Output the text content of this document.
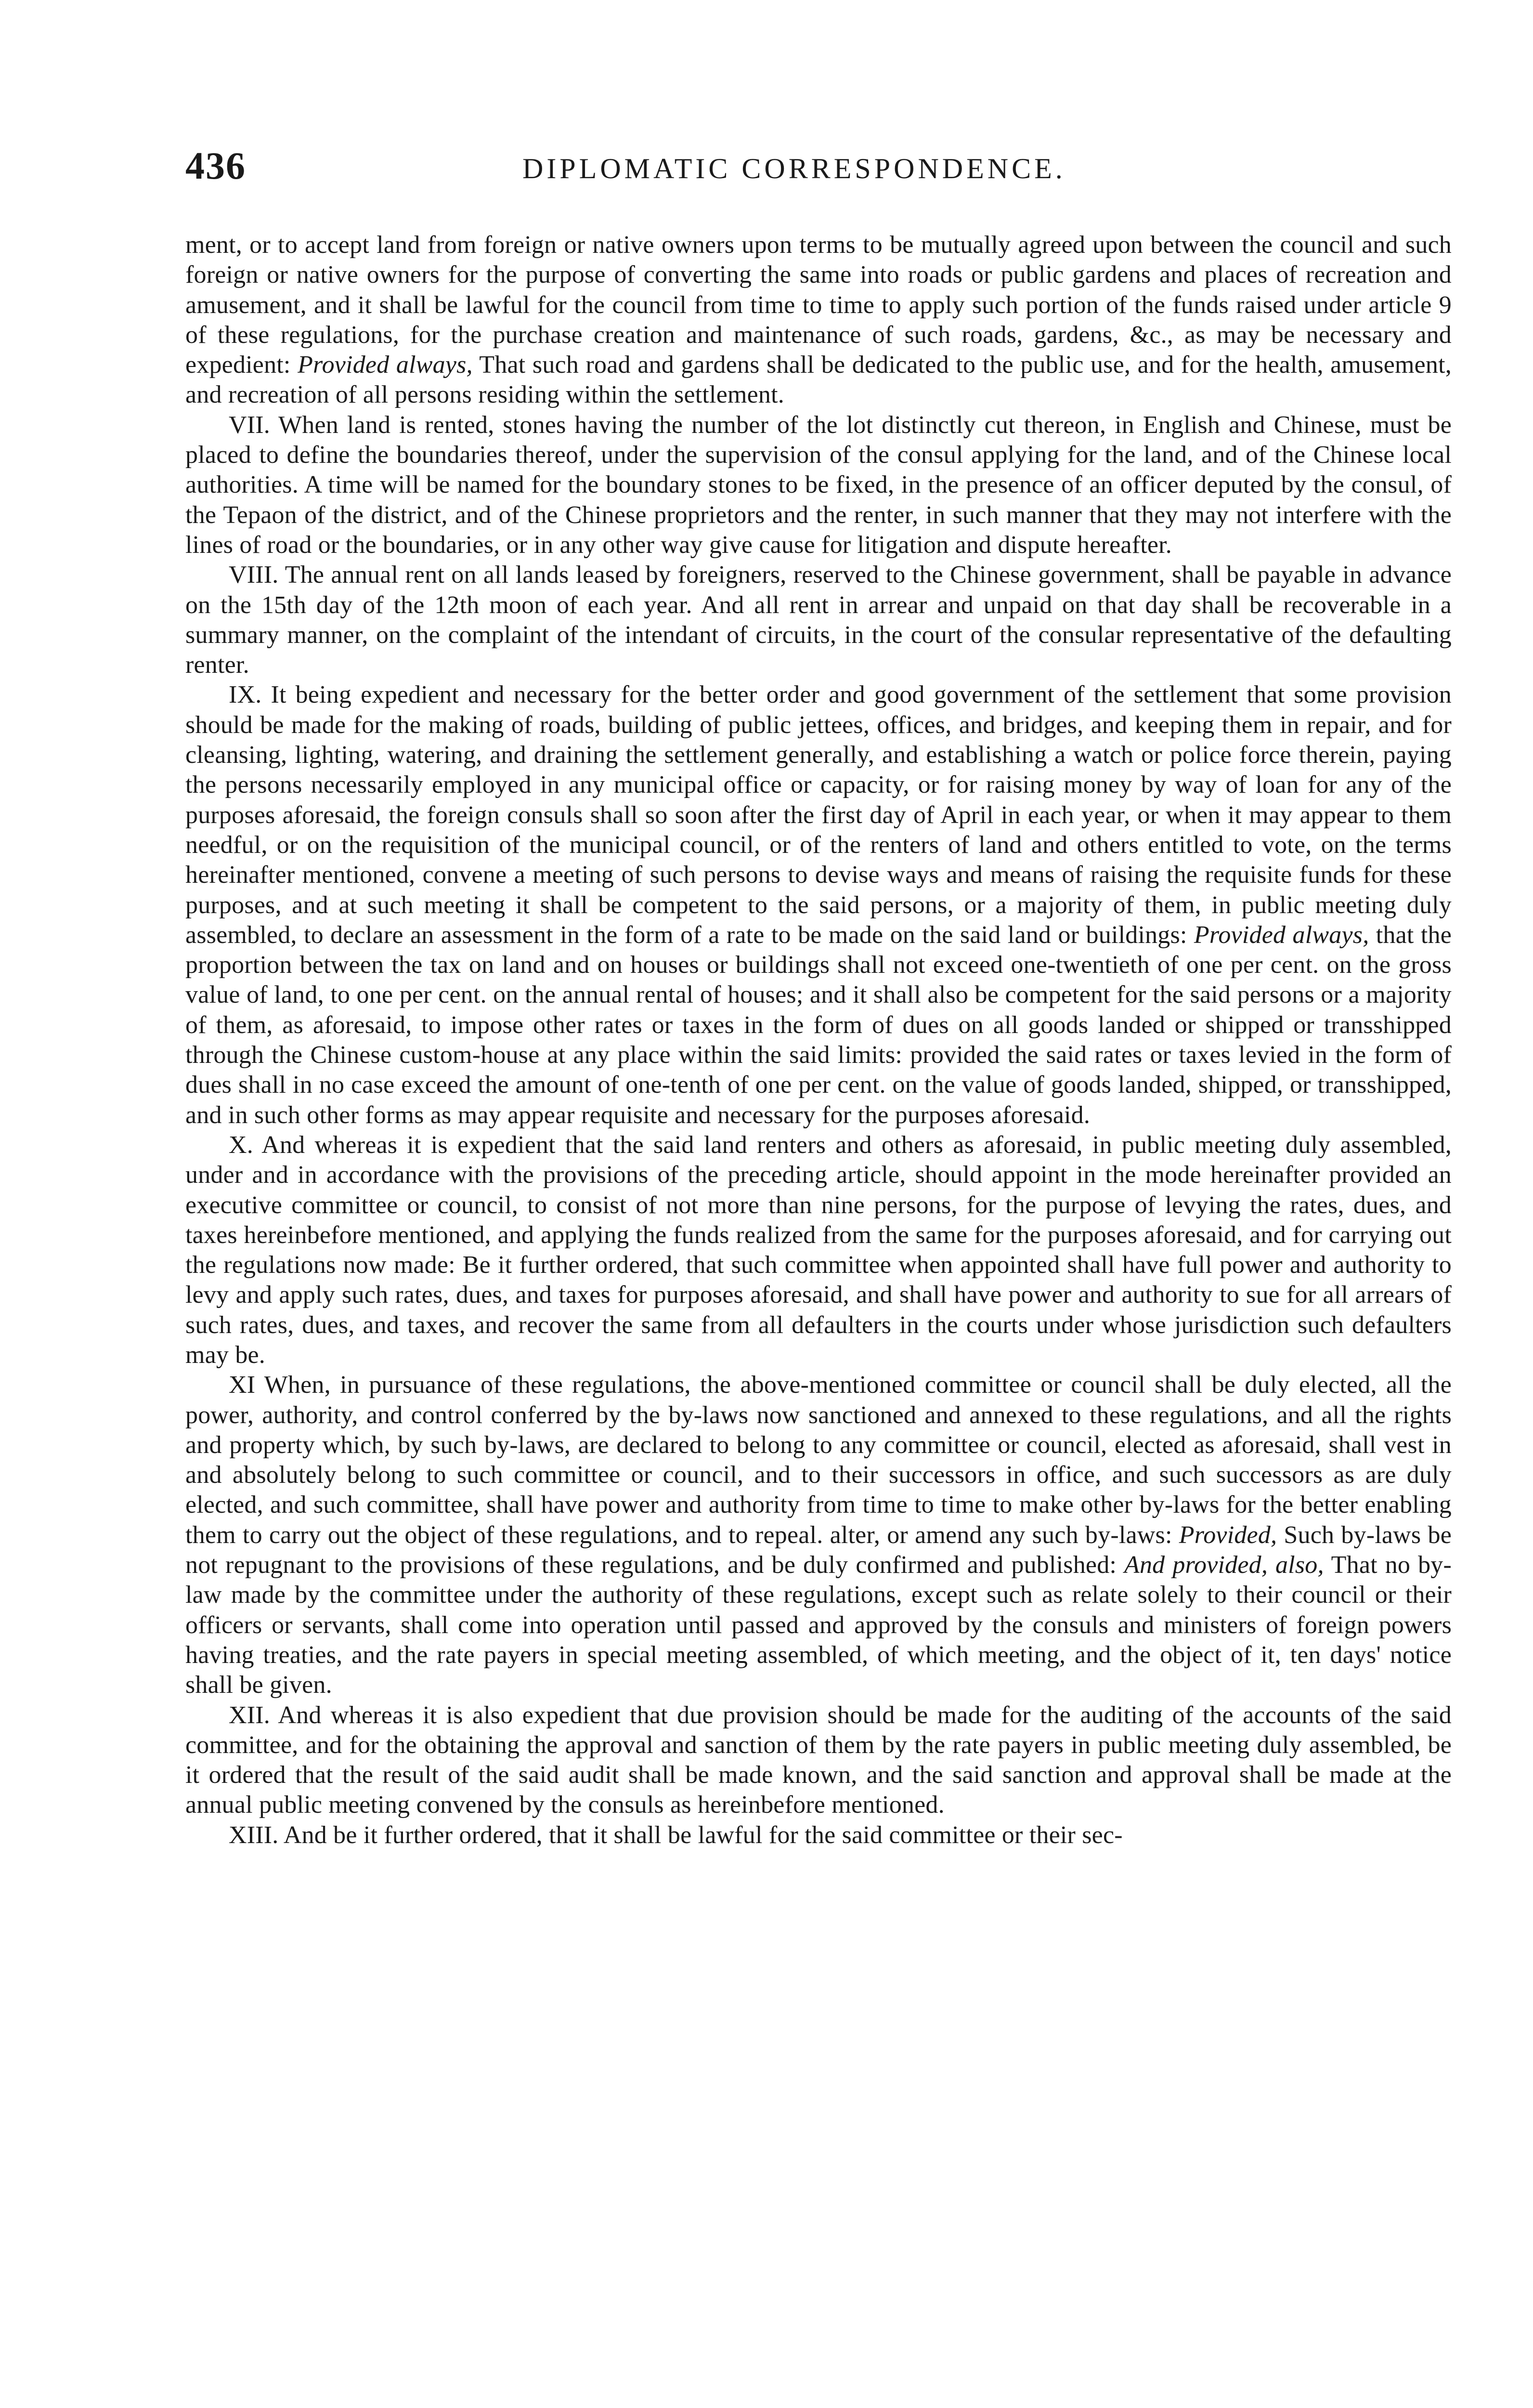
436	DIPLOMATIC CORRESPONDENCE.

ment, or to accept land from foreign or native owners upon terms to be mutually agreed upon between the council and such foreign or native owners for the purpose of converting the same into roads or public gardens and places of recreation and amusement, and it shall be lawful for the council from time to time to apply such portion of the funds raised under article 9 of these regulations, for the purchase creation and maintenance of such roads, gardens, &c., as may be necessary and expedient: Provided always, That such road and gardens shall be dedicated to the public use, and for the health, amusement, and recreation of all persons residing within the settlement.

VII. When land is rented, stones having the number of the lot distinctly cut thereon, in English and Chinese, must be placed to define the boundaries thereof, under the supervision of the consul applying for the land, and of the Chinese local authorities. A time will be named for the boundary stones to be fixed, in the presence of an officer deputed by the consul, of the Tepaon of the district, and of the Chinese proprietors and the renter, in such manner that they may not interfere with the lines of road or the boundaries, or in any other way give cause for litigation and dispute hereafter.

VIII. The annual rent on all lands leased by foreigners, reserved to the Chinese government, shall be payable in advance on the 15th day of the 12th moon of each year. And all rent in arrear and unpaid on that day shall be recoverable in a summary manner, on the complaint of the intendant of circuits, in the court of the consular representative of the defaulting renter.

IX. It being expedient and necessary for the better order and good government of the settlement that some provision should be made for the making of roads, building of public jettees, offices, and bridges, and keeping them in repair, and for cleansing, lighting, watering, and draining the settlement generally, and establishing a watch or police force therein, paying the persons necessarily employed in any municipal office or capacity, or for raising money by way of loan for any of the purposes aforesaid, the foreign consuls shall so soon after the first day of April in each year, or when it may appear to them needful, or on the requisition of the municipal council, or of the renters of land and others entitled to vote, on the terms hereinafter mentioned, convene a meeting of such persons to devise ways and means of raising the requisite funds for these purposes, and at such meeting it shall be competent to the said persons, or a majority of them, in public meeting duly assembled, to declare an assessment in the form of a rate to be made on the said land or buildings: Provided always, that the proportion between the tax on land and on houses or buildings shall not exceed one-twentieth of one per cent. on the gross value of land, to one per cent. on the annual rental of houses; and it shall also be competent for the said persons or a majority of them, as aforesaid, to impose other rates or taxes in the form of dues on all goods landed or shipped or transshipped through the Chinese custom-house at any place within the said limits: provided the said rates or taxes levied in the form of dues shall in no case exceed the amount of one-tenth of one per cent. on the value of goods landed, shipped, or transshipped, and in such other forms as may appear requisite and necessary for the purposes aforesaid.

X. And whereas it is expedient that the said land renters and others as aforesaid, in public meeting duly assembled, under and in accordance with the provisions of the preceding article, should appoint in the mode hereinafter provided an executive committee or council, to consist of not more than nine persons, for the purpose of levying the rates, dues, and taxes hereinbefore mentioned, and applying the funds realized from the same for the purposes aforesaid, and for carrying out the regulations now made: Be it further ordered, that such committee when appointed shall have full power and authority to levy and apply such rates, dues, and taxes for purposes aforesaid, and shall have power and authority to sue for all arrears of such rates, dues, and taxes, and recover the same from all defaulters in the courts under whose jurisdiction such defaulters may be.

XI When, in pursuance of these regulations, the above-mentioned committee or council shall be duly elected, all the power, authority, and control conferred by the by-laws now sanctioned and annexed to these regulations, and all the rights and property which, by such by-laws, are declared to belong to any committee or council, elected as aforesaid, shall vest in and absolutely belong to such committee or council, and to their successors in office, and such successors as are duly elected, and such committee, shall have power and authority from time to time to make other by-laws for the better enabling them to carry out the object of these regulations, and to repeal. alter, or amend any such by-laws: Provided, Such by-laws be not repugnant to the provisions of these regulations, and be duly confirmed and published: And provided, also, That no by-law made by the committee under the authority of these regulations, except such as relate solely to their council or their officers or servants, shall come into operation until passed and approved by the consuls and ministers of foreign powers having treaties, and the rate payers in special meeting assembled, of which meeting, and the object of it, ten days' notice shall be given.

XII. And whereas it is also expedient that due provision should be made for the auditing of the accounts of the said committee, and for the obtaining the approval and sanction of them by the rate payers in public meeting duly assembled, be it ordered that the result of the said audit shall be made known, and the said sanction and approval shall be made at the annual public meeting convened by the consuls as hereinbefore mentioned.

XIII. And be it further ordered, that it shall be lawful for the said committee or their sec-
